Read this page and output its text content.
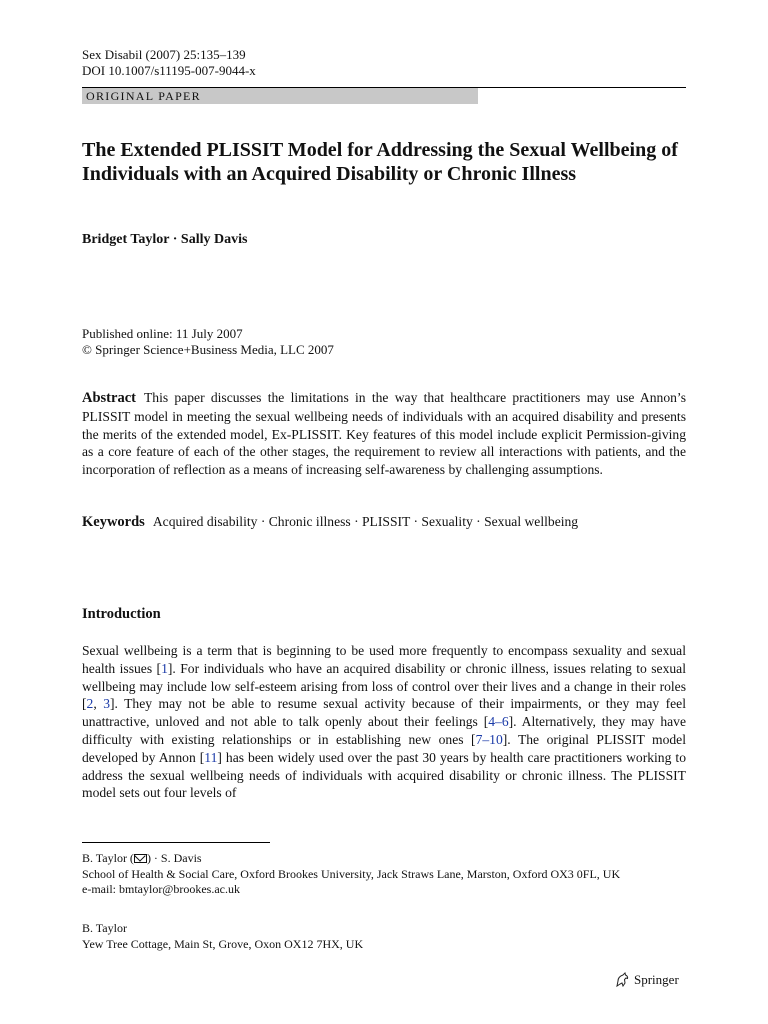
Sex Disabil (2007) 25:135–139
DOI 10.1007/s11195-007-9044-x
ORIGINAL PAPER
The Extended PLISSIT Model for Addressing the Sexual Wellbeing of Individuals with an Acquired Disability or Chronic Illness
Bridget Taylor · Sally Davis
Published online: 11 July 2007
© Springer Science+Business Media, LLC 2007
Abstract This paper discusses the limitations in the way that healthcare practitioners may use Annon’s PLISSIT model in meeting the sexual wellbeing needs of individuals with an acquired disability and presents the merits of the extended model, Ex-PLISSIT. Key features of this model include explicit Permission-giving as a core feature of each of the other stages, the requirement to review all interactions with patients, and the incorporation of reflection as a means of increasing self-awareness by challenging assumptions.
Keywords Acquired disability · Chronic illness · PLISSIT · Sexuality · Sexual wellbeing
Introduction
Sexual wellbeing is a term that is beginning to be used more frequently to encompass sexuality and sexual health issues [1]. For individuals who have an acquired disability or chronic illness, issues relating to sexual wellbeing may include low self-esteem arising from loss of control over their lives and a change in their roles [2, 3]. They may not be able to resume sexual activity because of their impairments, or they may feel unattractive, unloved and not able to talk openly about their feelings [4–6]. Alternatively, they may have difficulty with existing relationships or in establishing new ones [7–10]. The original PLISSIT model developed by Annon [11] has been widely used over the past 30 years by health care practitioners working to address the sexual wellbeing needs of individuals with acquired disability or chronic illness. The PLISSIT model sets out four levels of
B. Taylor ( ) · S. Davis
School of Health & Social Care, Oxford Brookes University, Jack Straws Lane, Marston, Oxford OX3 0FL, UK
e-mail: bmtaylor@brookes.ac.uk
B. Taylor
Yew Tree Cottage, Main St, Grove, Oxon OX12 7HX, UK
Springer
